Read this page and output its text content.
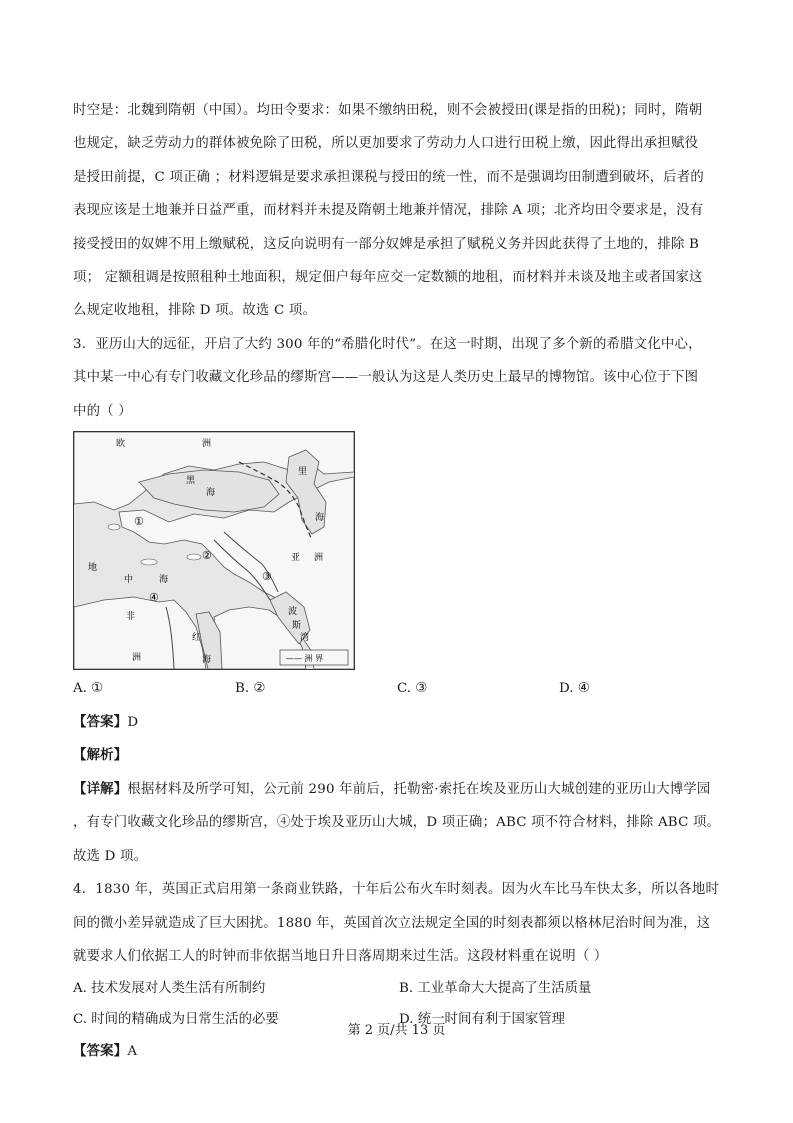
时空是：北魏到隋朝（中国）。均田令要求：如果不缴纳田税，则不会被授田(课是指的田税)；同时，隋朝

也规定，缺乏劳动力的群体被免除了田税，所以更加要求了劳动力人口进行田税上缴，因此得出承担赋役

是授田前提，C 项正确 ；材料逻辑是要求承担课税与授田的统一性，而不是强调均田制遭到破坏，后者的

表现应该是土地兼并日益严重，而材料并未提及隋朝土地兼并情况，排除 A 项；北齐均田令要求是，没有

接受授田的奴婢不用上缴赋税，这反向说明有一部分奴婢是承担了赋税义务并因此获得了土地的，排除 B

项； 定额租调是按照租种土地面积，规定佃户每年应交一定数额的地租，而材料并未谈及地主或者国家这

么规定收地租，排除 D 项。故选 C 项。

3．亚历山大的远征，开启了大约 300 年的“希腊化时代”。在这一时期，出现了多个新的希腊文化中心，

其中某一中心有专门收藏文化珍品的缪斯宫——一般认为这是人类历史上最早的博物馆。该中心位于下图

中的（ ）

欧	洲
黑
海
里
海
地
中	海
亚 洲
非
洲
红
海
波
斯
湾
①
②
③
④
—— 洲 界
A. ①	B. ②	C. ③	D. ④

【答案】D

【解析】

【详解】根据材料及所学可知，公元前 290 年前后，托勒密·索托在埃及亚历山大城创建的亚历山大博学园

，有专门收藏文化珍品的缪斯宫，④处于埃及亚历山大城，D 项正确；ABC 项不符合材料，排除 ABC 项。

故选 D 项。

4．1830 年，英国正式启用第一条商业铁路，十年后公布火车时刻表。因为火车比马车快太多，所以各地时

间的微小差异就造成了巨大困扰。1880 年，英国首次立法规定全国的时刻表都须以格林尼治时间为准，这

就要求人们依据工人的时钟而非依据当地日升日落周期来过生活。这段材料重在说明（ ）

A. 技术发展对人类生活有所制约	B. 工业革命大大提高了生活质量
C. 时间的精确成为日常生活的必要	D. 统一时间有利于国家管理

【答案】A

第 2 页/共 13 页
